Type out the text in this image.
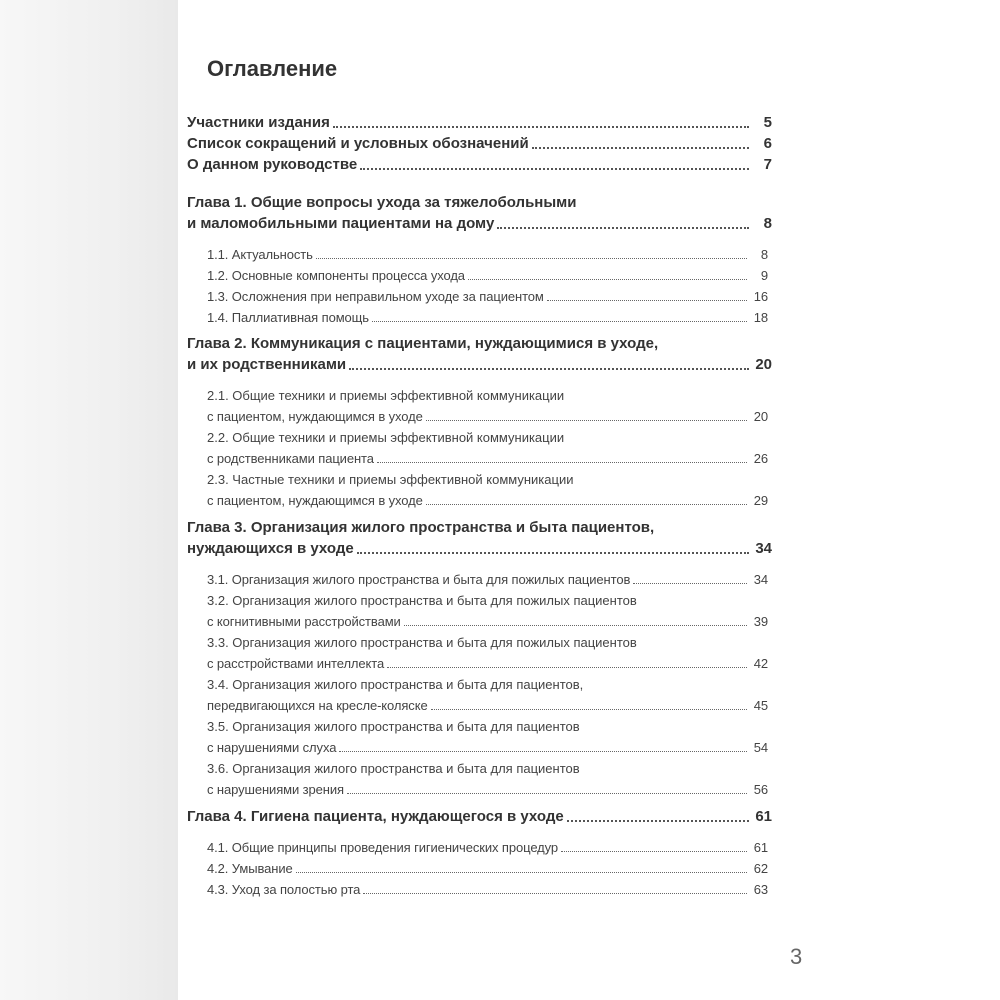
Оглавление
Участники издания	5
Список сокращений и условных обозначений	6
О данном руководстве	7
Глава 1. Общие вопросы ухода за тяжелобольными
и маломобильными пациентами на дому	8
1.1. Актуальность	8
1.2. Основные компоненты процесса ухода	9
1.3. Осложнения при неправильном уходе за пациентом	16
1.4. Паллиативная помощь	18
Глава 2. Коммуникация с пациентами, нуждающимися в уходе,
и их родственниками	20
2.1. Общие техники и приемы эффективной коммуникации
с пациентом, нуждающимся в уходе	20
2.2. Общие техники и приемы эффективной коммуникации
с родственниками пациента	26
2.3. Частные техники и приемы эффективной коммуникации
с пациентом, нуждающимся в уходе	29
Глава 3. Организация жилого пространства и быта пациентов,
нуждающихся в уходе	34
3.1. Организация жилого пространства и быта для пожилых пациентов	34
3.2. Организация жилого пространства и быта для пожилых пациентов
с когнитивными расстройствами	39
3.3. Организация жилого пространства и быта для пожилых пациентов
с расстройствами интеллекта	42
3.4. Организация жилого пространства и быта для пациентов,
передвигающихся на кресле-коляске	45
3.5. Организация жилого пространства и быта для пациентов
с нарушениями слуха	54
3.6. Организация жилого пространства и быта для пациентов
с нарушениями зрения	56
Глава 4. Гигиена пациента, нуждающегося в уходе	61
4.1. Общие принципы проведения гигиенических процедур	61
4.2. Умывание	62
4.3. Уход за полостью рта	63
3
